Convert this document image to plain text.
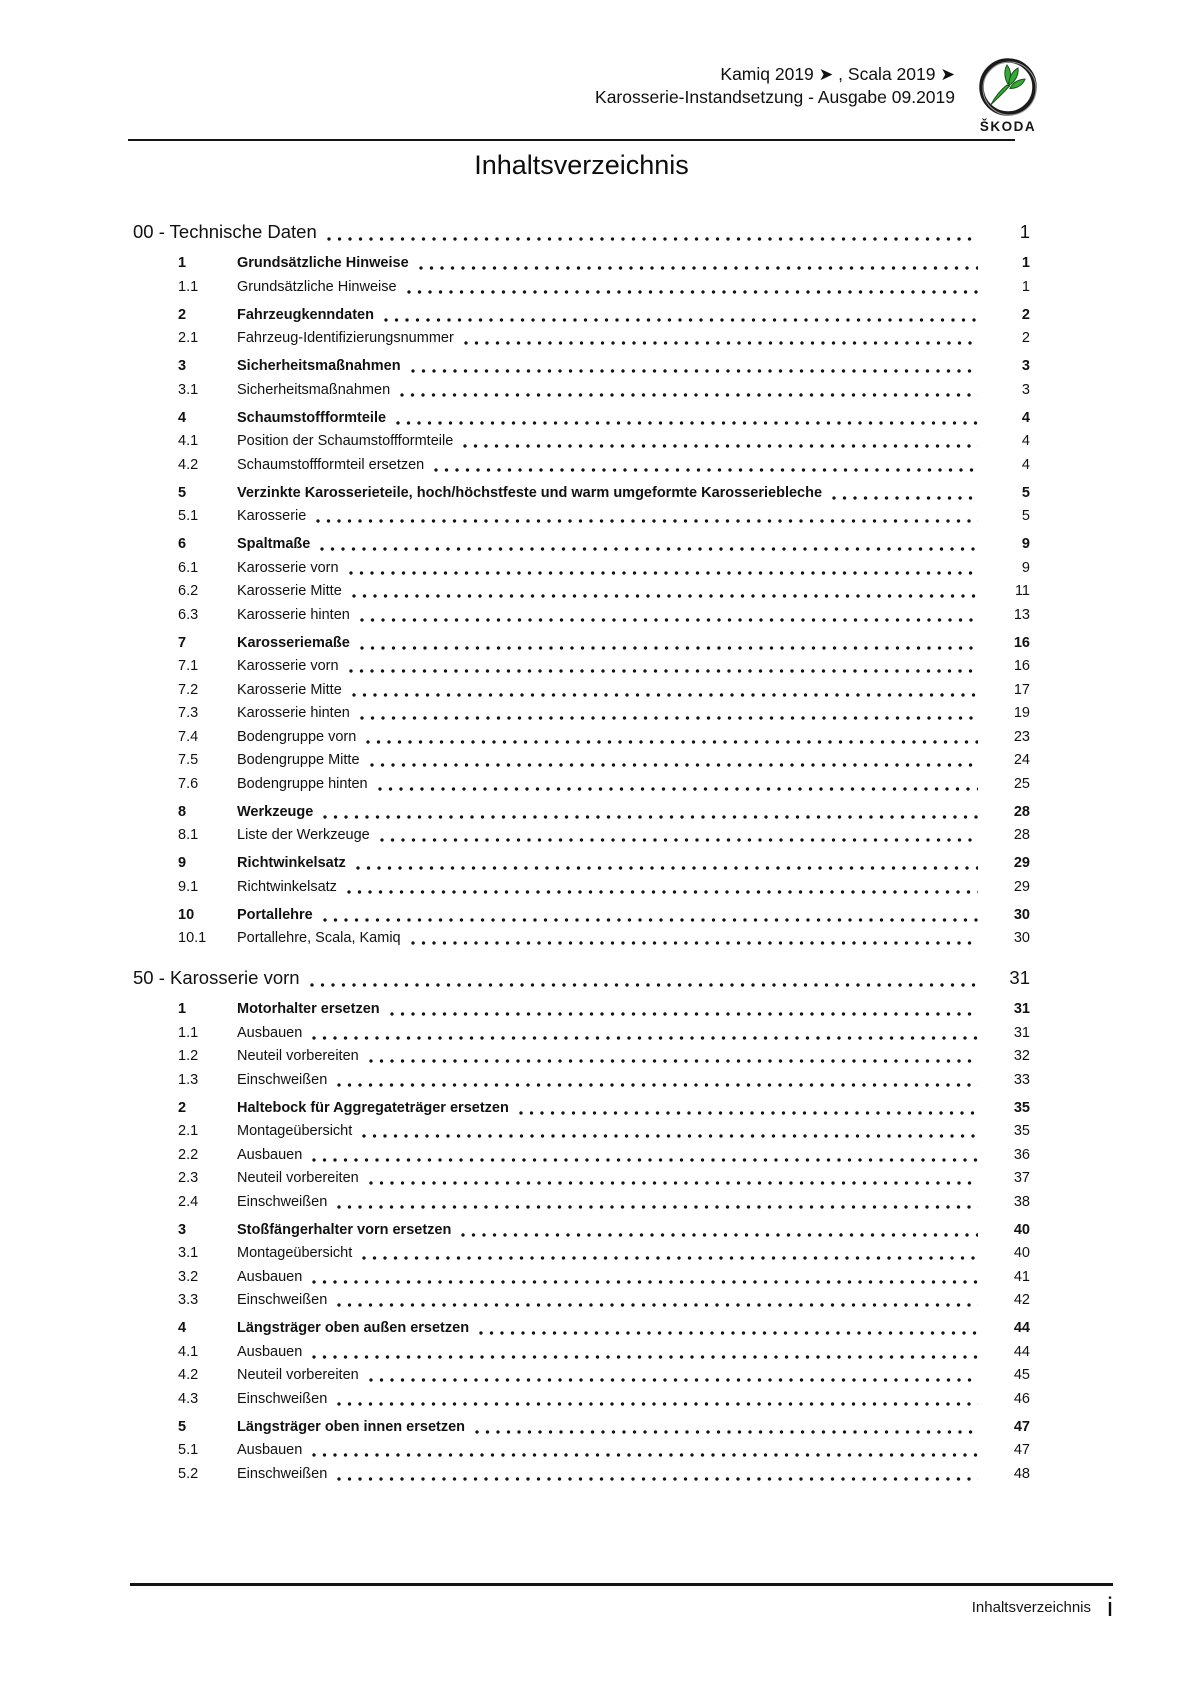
Kamiq 2019 ➤ , Scala 2019 ➤
Karosserie-Instandsetzung - Ausgabe 09.2019
ŠKODA
Inhaltsverzeichnis
00 - Technische Daten	1
1	Grundsätzliche Hinweise	1
1.1	Grundsätzliche Hinweise	1
2	Fahrzeugkenndaten	2
2.1	Fahrzeug-Identifizierungsnummer	2
3	Sicherheitsmaßnahmen	3
3.1	Sicherheitsmaßnahmen	3
4	Schaumstoffformteile	4
4.1	Position der Schaumstoffformteile	4
4.2	Schaumstoffformteil ersetzen	4
5	Verzinkte Karosserieteile, hoch/höchstfeste und warm umgeformte Karosseriebleche	5
5.1	Karosserie	5
6	Spaltmaße	9
6.1	Karosserie vorn	9
6.2	Karosserie Mitte	11
6.3	Karosserie hinten	13
7	Karosseriemaße	16
7.1	Karosserie vorn	16
7.2	Karosserie Mitte	17
7.3	Karosserie hinten	19
7.4	Bodengruppe vorn	23
7.5	Bodengruppe Mitte	24
7.6	Bodengruppe hinten	25
8	Werkzeuge	28
8.1	Liste der Werkzeuge	28
9	Richtwinkelsatz	29
9.1	Richtwinkelsatz	29
10	Portallehre	30
10.1	Portallehre, Scala, Kamiq	30
50 - Karosserie vorn	31
1	Motorhalter ersetzen	31
1.1	Ausbauen	31
1.2	Neuteil vorbereiten	32
1.3	Einschweißen	33
2	Haltebock für Aggregateträger ersetzen	35
2.1	Montageübersicht	35
2.2	Ausbauen	36
2.3	Neuteil vorbereiten	37
2.4	Einschweißen	38
3	Stoßfängerhalter vorn ersetzen	40
3.1	Montageübersicht	40
3.2	Ausbauen	41
3.3	Einschweißen	42
4	Längsträger oben außen ersetzen	44
4.1	Ausbauen	44
4.2	Neuteil vorbereiten	45
4.3	Einschweißen	46
5	Längsträger oben innen ersetzen	47
5.1	Ausbauen	47
5.2	Einschweißen	48
Inhaltsverzeichnis i
